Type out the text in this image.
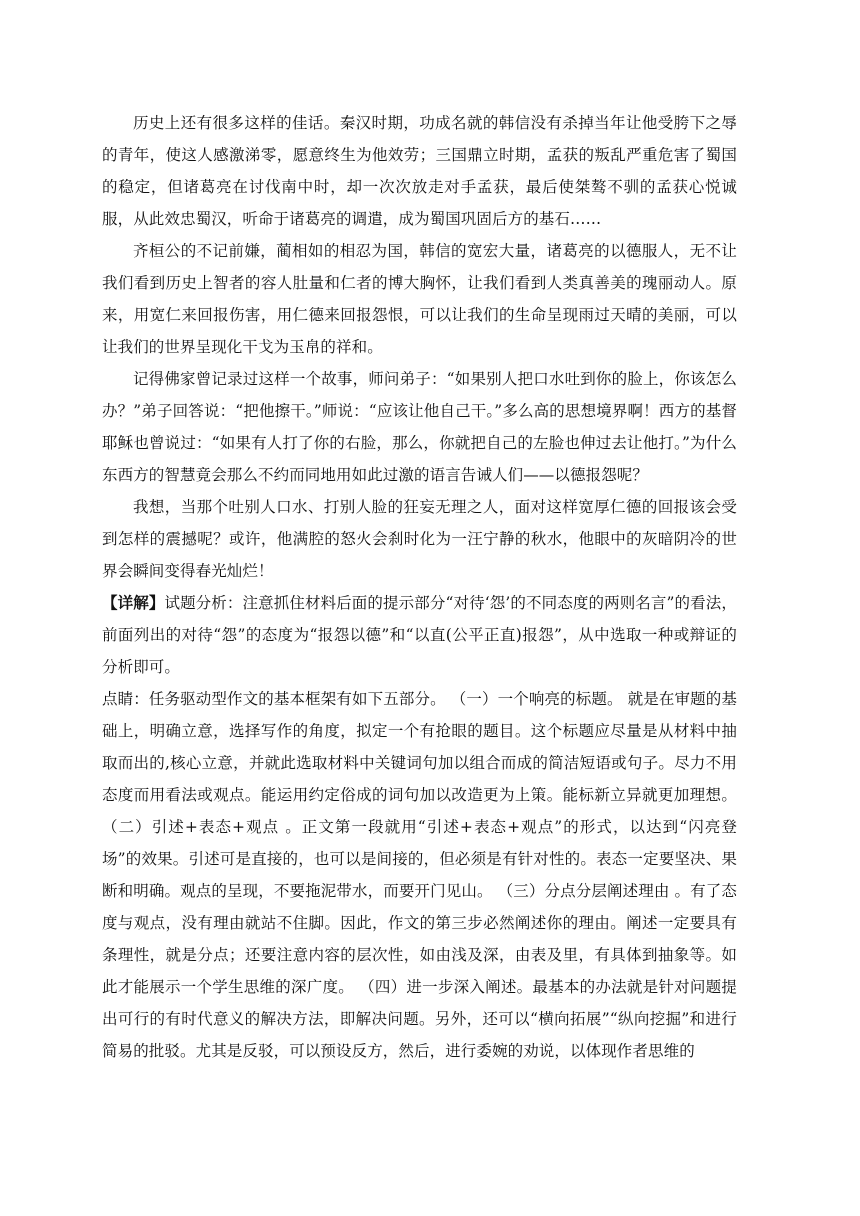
历史上还有很多这样的佳话。秦汉时期，功成名就的韩信没有杀掉当年让他受胯下之辱的青年，使这人感激涕零，愿意终生为他效劳；三国鼎立时期，孟获的叛乱严重危害了蜀国的稳定，但诸葛亮在讨伐南中时，却一次次放走对手孟获，最后使桀骜不驯的孟获心悦诚服，从此效忠蜀汉，听命于诸葛亮的调遣，成为蜀国巩固后方的基石……

齐桓公的不记前嫌，蔺相如的相忍为国，韩信的宽宏大量，诸葛亮的以德服人，无不让我们看到历史上智者的容人肚量和仁者的博大胸怀，让我们看到人类真善美的瑰丽动人。原来，用宽仁来回报伤害，用仁德来回报怨恨，可以让我们的生命呈现雨过天晴的美丽，可以让我们的世界呈现化干戈为玉帛的祥和。

记得佛家曾记录过这样一个故事，师问弟子：“如果别人把口水吐到你的脸上，你该怎么办？”弟子回答说：“把他擦干。”师说：“应该让他自己干。”多么高的思想境界啊！西方的基督耶稣也曾说过：“如果有人打了你的右脸，那么，你就把自己的左脸也伸过去让他打。”为什么东西方的智慧竟会那么不约而同地用如此过激的语言告诫人们——以德报怨呢？

我想，当那个吐别人口水、打别人脸的狂妄无理之人，面对这样宽厚仁德的回报该会受到怎样的震撼呢？或许，他满腔的怒火会刹时化为一汪宁静的秋水，他眼中的灰暗阴冷的世界会瞬间变得春光灿烂！

【详解】试题分析：注意抓住材料后面的提示部分“对待‘怨’的不同态度的两则名言”的看法，前面列出的对待“怨”的态度为“报怨以德”和“以直(公平正直)报怨”，从中选取一种或辩证的分析即可。

点睛：任务驱动型作文的基本框架有如下五部分。 （一）一个响亮的标题。 就是在审题的基础上，明确立意，选择写作的角度，拟定一个有抢眼的题目。这个标题应尽量是从材料中抽取而出的,核心立意，并就此选取材料中关键词句加以组合而成的简洁短语或句子。尽力不用态度而用看法或观点。能运用约定俗成的词句加以改造更为上策。能标新立异就更加理想。 （二）引述+表态+观点 。正文第一段就用“引述+表态+观点”的形式，以达到“闪亮登场”的效果。引述可是直接的，也可以是间接的，但必须是有针对性的。表态一定要坚决、果断和明确。观点的呈现，不要拖泥带水，而要开门见山。 （三）分点分层阐述理由 。有了态度与观点，没有理由就站不住脚。因此，作文的第三步必然阐述你的理由。阐述一定要具有条理性，就是分点；还要注意内容的层次性，如由浅及深，由表及里，有具体到抽象等。如此才能展示一个学生思维的深广度。 （四）进一步深入阐述。最基本的办法就是针对问题提出可行的有时代意义的解决方法，即解决问题。另外，还可以“横向拓展”“纵向挖掘”和进行简易的批驳。尤其是反驳，可以预设反方，然后，进行委婉的劝说，以体现作者思维的
